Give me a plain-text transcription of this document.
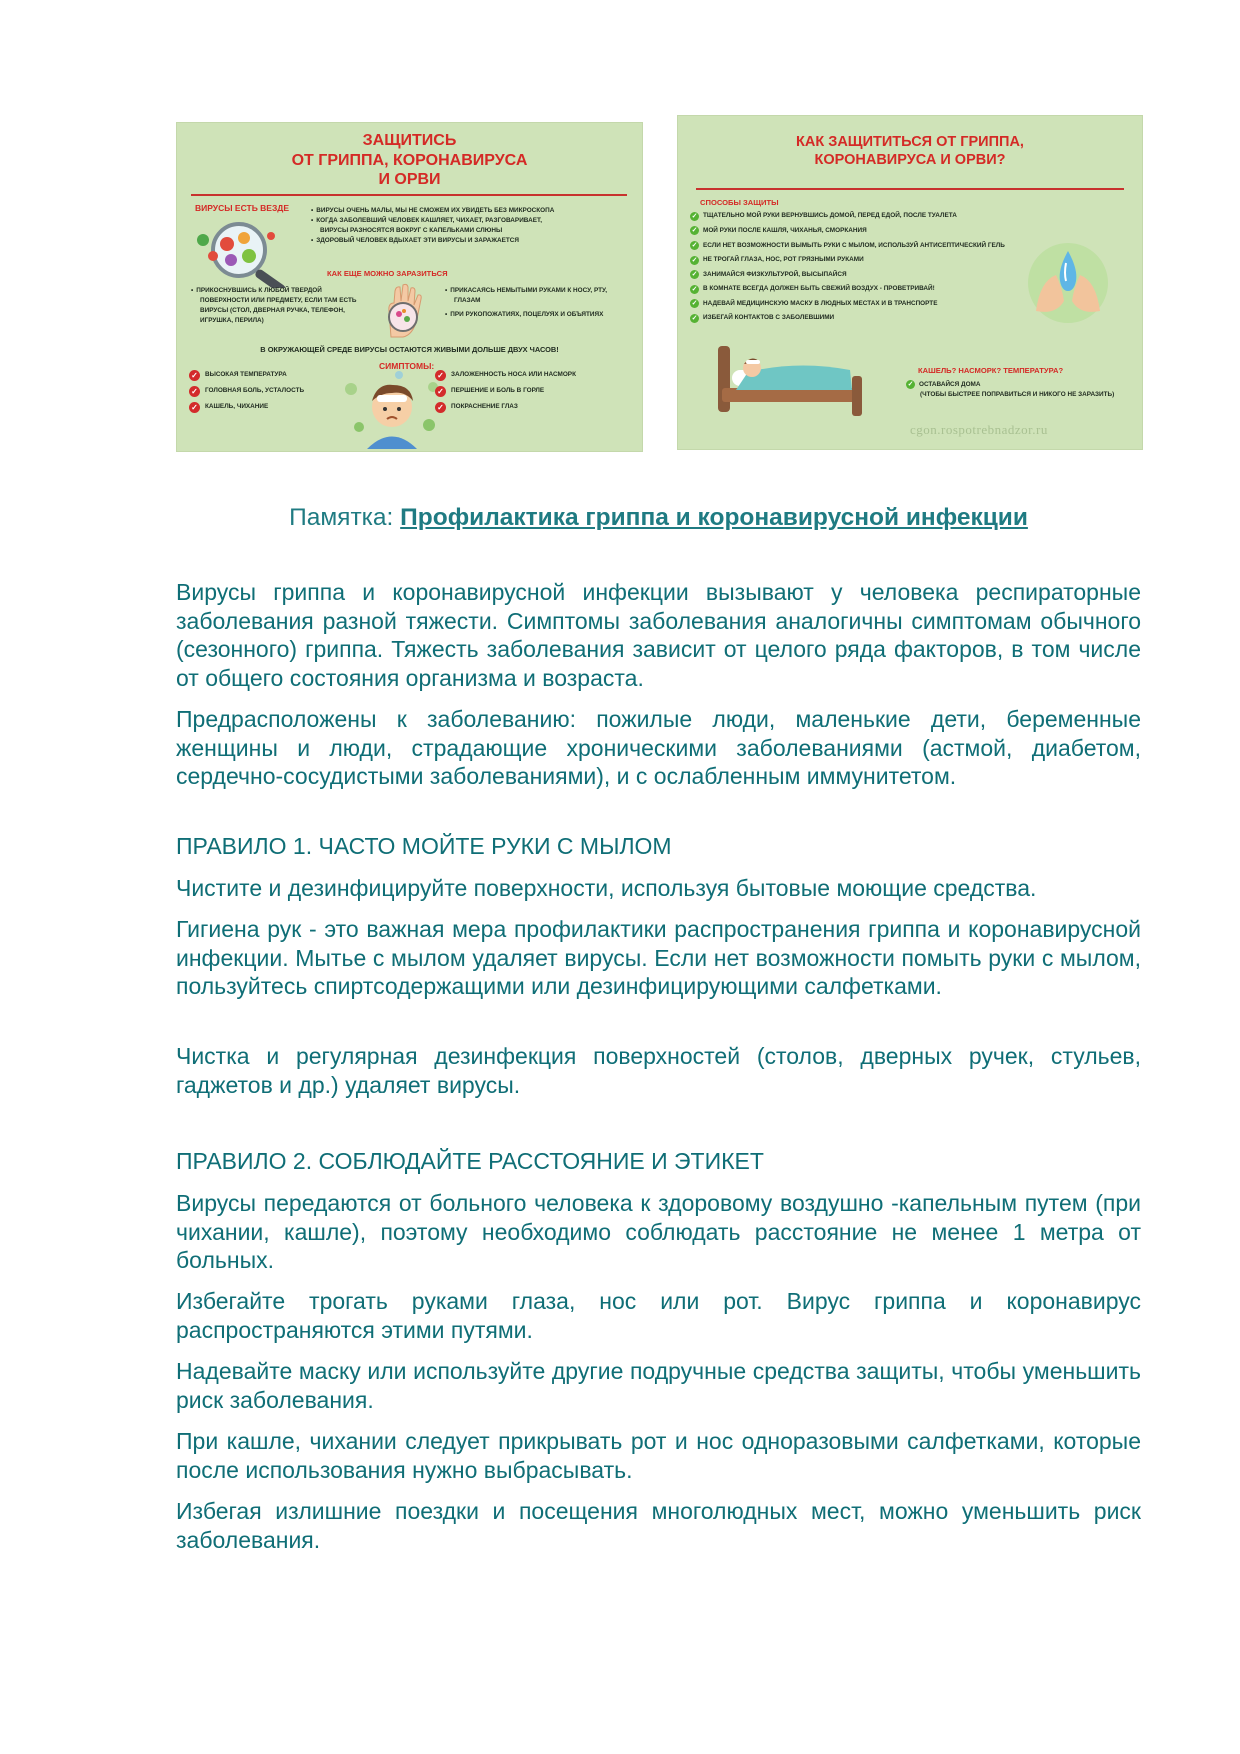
ЗАЩИТИСЬ
ОТ ГРИППА, КОРОНАВИРУСА
И ОРВИ
ВИРУСЫ ЕСТЬ ВЕЗДЕ
•	ВИРУСЫ ОЧЕНЬ МАЛЫ, МЫ НЕ СМОЖЕМ ИХ УВИДЕТЬ БЕЗ МИКРОСКОПА
• КОГДА ЗАБОЛЕВШИЙ ЧЕЛОВЕК КАШЛЯЕТ, ЧИХАЕТ, РАЗГОВАРИВАЕТ,
ВИРУСЫ РАЗНОСЯТСЯ ВОКРУГ С КАПЕЛЬКАМИ СЛЮНЫ
• ЗДОРОВЫЙ ЧЕЛОВЕК ВДЫХАЕТ ЭТИ ВИРУСЫ И ЗАРАЖАЕТСЯ
КАК ЕЩЕ МОЖНО ЗАРАЗИТЬСЯ
• ПРИКОСНУВШИСЬ К ЛЮБОЙ ТВЕРДОЙ
ПОВЕРХНОСТИ ИЛИ ПРЕДМЕТУ, ЕСЛИ ТАМ ЕСТЬ
ВИРУСЫ (СТОЛ, ДВЕРНАЯ РУЧКА, ТЕЛЕФОН,
ИГРУШКА, ПЕРИЛА)
• ПРИКАСАЯСЬ НЕМЫТЫМИ РУКАМИ К НОСУ, РТУ,
ГЛАЗАМ
• ПРИ РУКОПОЖАТИЯХ, ПОЦЕЛУЯХ И ОБЪЯТИЯХ
В ОКРУЖАЮЩЕЙ СРЕДЕ ВИРУСЫ ОСТАЮТСЯ ЖИВЫМИ ДОЛЬШЕ ДВУХ ЧАСОВ!
СИМПТОМЫ:
✓	ВЫСОКАЯ ТЕМПЕРАТУРА
✓	ГОЛОВНАЯ БОЛЬ, УСТАЛОСТЬ
✓	КАШЕЛЬ, ЧИХАНИЕ
✓	ЗАЛОЖЕННОСТЬ НОСА ИЛИ НАСМОРК
✓	ПЕРШЕНИЕ И БОЛЬ В ГОРЛЕ
✓	ПОКРАСНЕНИЕ ГЛАЗ
КАК ЗАЩИТИТЬСЯ ОТ ГРИППА,
КОРОНАВИРУСА И ОРВИ?
СПОСОБЫ ЗАЩИТЫ
✓ ТЩАТЕЛЬНО МОЙ РУКИ ВЕРНУВШИСЬ ДОМОЙ, ПЕРЕД ЕДОЙ, ПОСЛЕ ТУАЛЕТА
✓ МОЙ РУКИ ПОСЛЕ КАШЛЯ, ЧИХАНЬЯ, СМОРКАНИЯ
✓ ЕСЛИ НЕТ ВОЗМОЖНОСТИ ВЫМЫТЬ РУКИ С МЫЛОМ, ИСПОЛЬЗУЙ АНТИСЕПТИЧЕСКИЙ ГЕЛЬ
✓ НЕ ТРОГАЙ ГЛАЗА, НОС, РОТ ГРЯЗНЫМИ РУКАМИ
✓ ЗАНИМАЙСЯ ФИЗКУЛЬТУРОЙ, ВЫСЫПАЙСЯ
✓ В КОМНАТЕ ВСЕГДА ДОЛЖЕН БЫТЬ СВЕЖИЙ ВОЗДУХ - ПРОВЕТРИВАЙ!
✓ НАДЕВАЙ МЕДИЦИНСКУЮ МАСКУ В ЛЮДНЫХ МЕСТАХ И В ТРАНСПОРТЕ
✓ ИЗБЕГАЙ КОНТАКТОВ С ЗАБОЛЕВШИМИ
КАШЕЛЬ? НАСМОРК? ТЕМПЕРАТУРА?
✓ ОСТАВАЙСЯ ДОМА
(ЧТОБЫ БЫСТРЕЕ ПОПРАВИТЬСЯ И НИКОГО НЕ ЗАРАЗИТЬ)
cgon.rospotrebnadzor.ru
Памятка: Профилактика гриппа и коронавирусной инфекции

Вирусы гриппа и коронавирусной инфекции вызывают у человека респираторные заболевания разной тяжести. Симптомы заболевания аналогичны симптомам обычного (сезонного) гриппа. Тяжесть заболевания зависит от целого ряда факторов, в том числе от общего состояния организма и возраста.

Предрасположены к заболеванию: пожилые люди, маленькие дети, беременные женщины и люди, страдающие хроническими заболеваниями (астмой, диабетом, сердечно-сосудистыми заболеваниями), и с ослабленным иммунитетом.

ПРАВИЛО 1. ЧАСТО МОЙТЕ РУКИ С МЫЛОМ

Чистите и дезинфицируйте поверхности, используя бытовые моющие средства.

Гигиена рук - это важная мера профилактики распространения гриппа и коронавирусной инфекции. Мытье с мылом удаляет вирусы. Если нет возможности помыть руки с мылом, пользуйтесь спиртсодержащими или дезинфицирующими салфетками.

Чистка и регулярная дезинфекция поверхностей (столов, дверных ручек, стульев, гаджетов и др.) удаляет вирусы.

ПРАВИЛО 2. СОБЛЮДАЙТЕ РАССТОЯНИЕ И ЭТИКЕТ

Вирусы передаются от больного человека к здоровому воздушно -капельным путем (при чихании, кашле), поэтому необходимо соблюдать расстояние не менее 1 метра от больных.

Избегайте трогать руками глаза, нос или рот. Вирус гриппа и коронавирус распространяются этими путями.

Надевайте маску или используйте другие подручные средства защиты, чтобы уменьшить риск заболевания.

При кашле, чихании следует прикрывать рот и нос одноразовыми салфетками, которые после использования нужно выбрасывать.

Избегая излишние поездки и посещения многолюдных мест, можно уменьшить риск заболевания.
